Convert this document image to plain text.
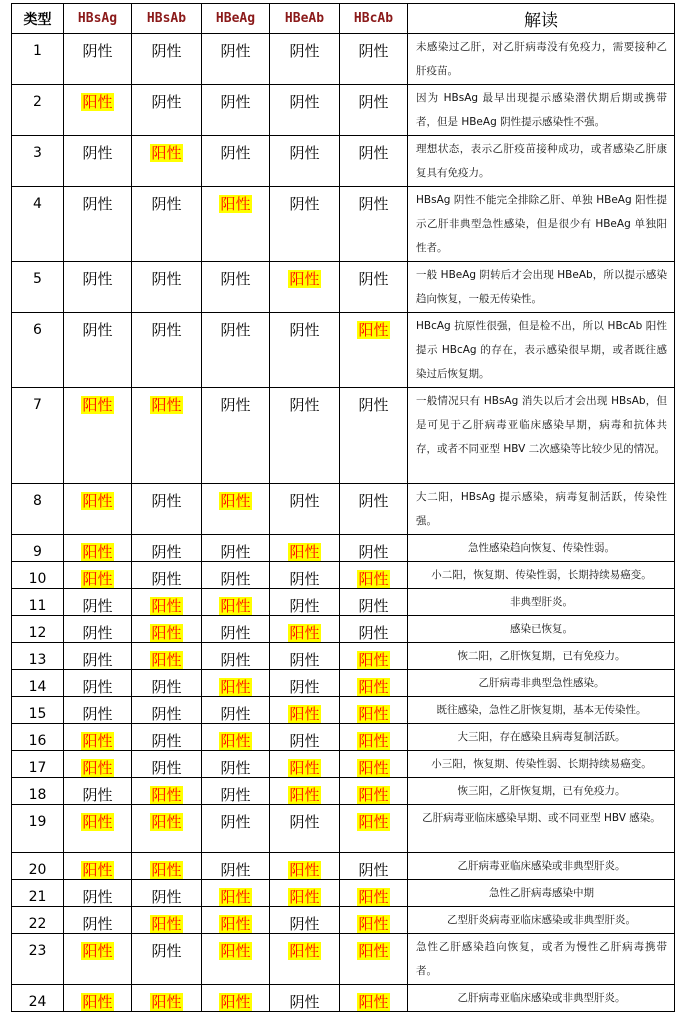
类型	HBsAg	HBsAb	HBeAg	HBeAb	HBcAb	解读
1	阴性	阴性	阴性	阴性	阴性	未感染过乙肝，对乙肝病毒没有免疫力，需要接种乙肝疫苗。
2	阳性	阴性	阴性	阴性	阴性	因为 HBsAg 最早出现提示感染潜伏期后期或携带者，但是 HBeAg 阴性提示感染性不强。
3	阴性	阳性	阴性	阴性	阴性	理想状态，表示乙肝疫苗接种成功，或者感染乙肝康复具有免疫力。
4	阴性	阴性	阳性	阴性	阴性	HBsAg 阴性不能完全排除乙肝、单独 HBeAg 阳性提示乙肝非典型急性感染，但是很少有 HBeAg 单独阳性者。
5	阴性	阴性	阴性	阳性	阴性	一般 HBeAg 阴转后才会出现 HBeAb，所以提示感染趋向恢复，一般无传染性。
6	阴性	阴性	阴性	阴性	阳性	HBcAg 抗原性很强，但是检不出，所以 HBcAb 阳性提示 HBcAg 的存在，表示感染很早期，或者既往感染过后恢复期。
7	阳性	阳性	阴性	阴性	阴性	一般情况只有 HBsAg 消失以后才会出现 HBsAb，但是可见于乙肝病毒亚临床感染早期，病毒和抗体共存，或者不同亚型 HBV 二次感染等比较少见的情况。
8	阳性	阴性	阳性	阴性	阴性	大二阳，HBsAg 提示感染，病毒复制活跃，传染性强。
9	阳性	阴性	阴性	阳性	阴性	急性感染趋向恢复、传染性弱。
10	阳性	阴性	阴性	阴性	阳性	小二阳，恢复期、传染性弱，长期持续易癌变。
11	阴性	阳性	阳性	阴性	阴性	非典型肝炎。
12	阴性	阳性	阴性	阳性	阴性	感染已恢复。
13	阴性	阳性	阴性	阴性	阳性	恢二阳，乙肝恢复期，已有免疫力。
14	阴性	阴性	阳性	阴性	阳性	乙肝病毒非典型急性感染。
15	阴性	阴性	阴性	阳性	阳性	既往感染，急性乙肝恢复期，基本无传染性。
16	阳性	阴性	阳性	阴性	阳性	大三阳，存在感染且病毒复制活跃。
17	阳性	阴性	阴性	阳性	阳性	小三阳，恢复期、传染性弱、长期持续易癌变。
18	阴性	阳性	阴性	阳性	阳性	恢三阳，乙肝恢复期，已有免疫力。
19	阳性	阳性	阴性	阴性	阳性	乙肝病毒亚临床感染早期、或不同亚型 HBV 感染。
20	阳性	阳性	阴性	阳性	阴性	乙肝病毒亚临床感染或非典型肝炎。
21	阴性	阴性	阳性	阳性	阳性	急性乙肝病毒感染中期
22	阴性	阳性	阳性	阴性	阳性	乙型肝炎病毒亚临床感染或非典型肝炎。
23	阳性	阴性	阳性	阳性	阳性	急性乙肝感染趋向恢复，或者为慢性乙肝病毒携带者。
24	阳性	阳性	阳性	阴性	阳性	乙肝病毒亚临床感染或非典型肝炎。
